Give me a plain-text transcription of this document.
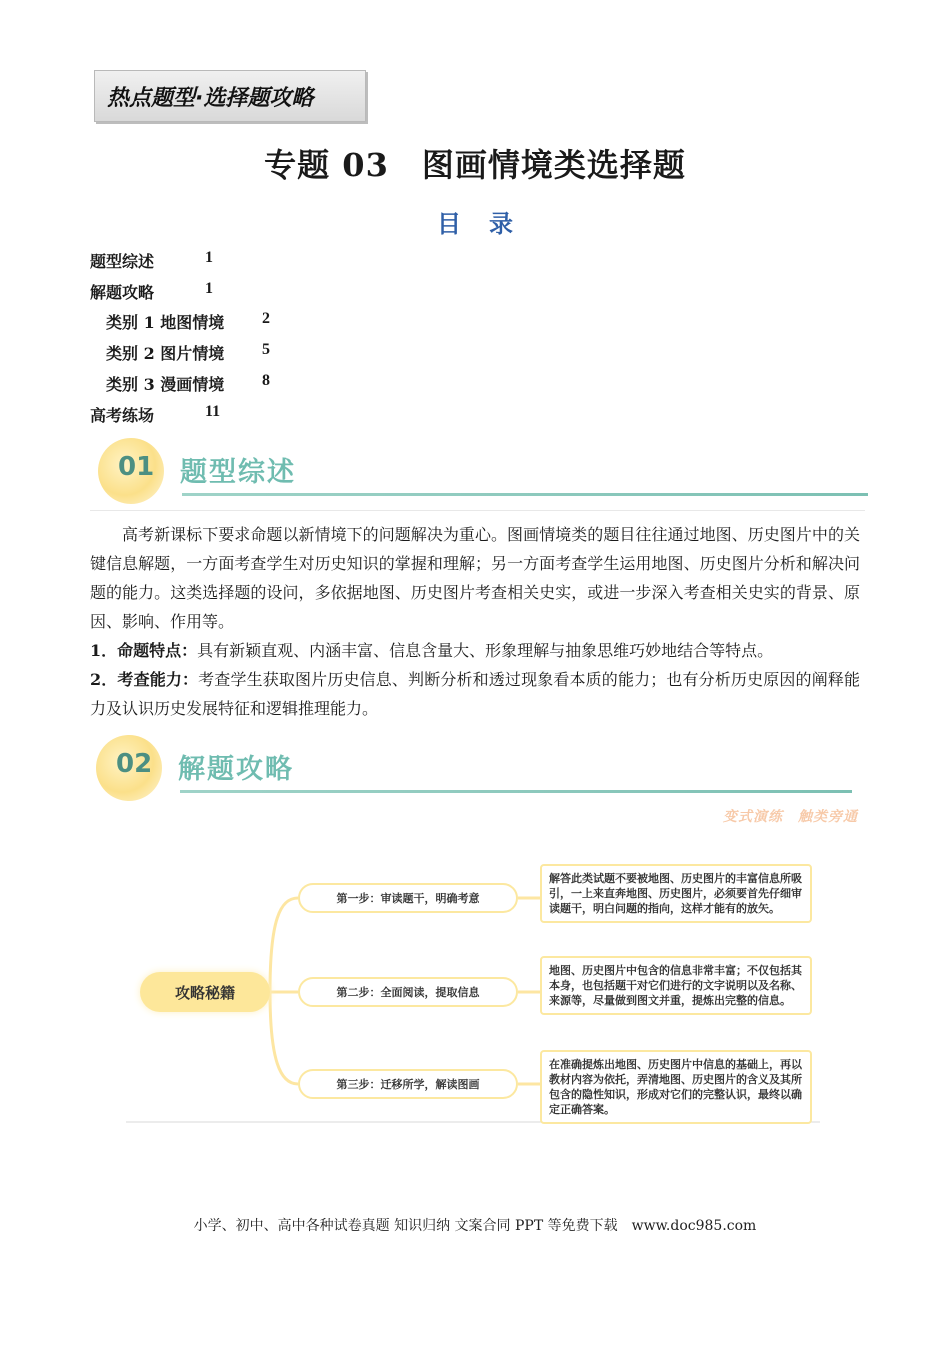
热点题型·选择题攻略
专题 03　图画情境类选择题
目录
题型综述	1
解题攻略	1
类别 1 地图情境	2
类别 2 图片情境	5
类别 3 漫画情境	8
高考练场	11
01 题型综述
高考新课标下要求命题以新情境下的问题解决为重心。图画情境类的题目往往通过地图、历史图片中的关键信息解题，一方面考查学生对历史知识的掌握和理解；另一方面考查学生运用地图、历史图片分析和解决问题的能力。这类选择题的设问，多依据地图、历史图片考查相关史实，或进一步深入考查相关史实的背景、原因、影响、作用等。
1．命题特点：具有新颖直观、内涵丰富、信息含量大、形象理解与抽象思维巧妙地结合等特点。
2．考查能力：考查学生获取图片历史信息、判断分析和透过现象看本质的能力；也有分析历史原因的阐释能力及认识历史发展特征和逻辑推理能力。
02 解题攻略
变式演练　触类旁通
攻略秘籍
第一步：审读题干，明确考意
第二步：全面阅读，提取信息
第三步：迁移所学，解读图画
解答此类试题不要被地图、历史图片的丰富信息所吸引，一上来直奔地图、历史图片，必须要首先仔细审读题干，明白问题的指向，这样才能有的放矢。
地图、历史图片中包含的信息非常丰富；不仅包括其本身，也包括题干对它们进行的文字说明以及名称、来源等，尽量做到图文并重，提炼出完整的信息。
在准确提炼出地图、历史图片中信息的基础上，再以教材内容为依托，弄清地图、历史图片的含义及其所包含的隐性知识，形成对它们的完整认识，最终以确定正确答案。
小学、初中、高中各种试卷真题 知识归纳 文案合同 PPT 等免费下载　www.doc985.com
